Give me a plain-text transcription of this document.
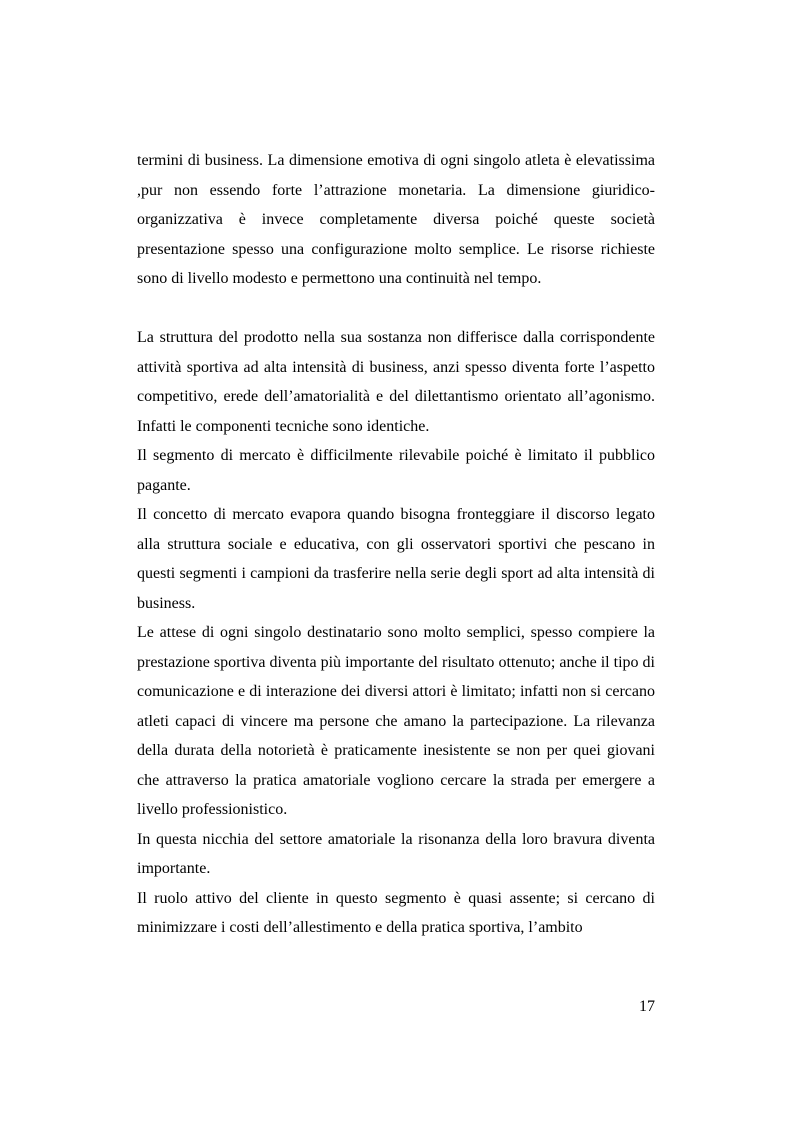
termini di business. La dimensione emotiva di ogni singolo atleta è elevatissima ,pur non essendo forte l’attrazione monetaria. La dimensione giuridico-organizzativa è invece completamente diversa poiché queste società presentazione spesso una configurazione molto semplice. Le risorse richieste sono di livello modesto e permettono una continuità nel tempo.

La struttura del prodotto nella sua sostanza non differisce dalla corrispondente attività sportiva ad alta intensità di business, anzi spesso diventa forte l’aspetto competitivo, erede dell’amatorialità e del dilettantismo orientato all’agonismo. Infatti le componenti tecniche sono identiche.

Il segmento di mercato è difficilmente rilevabile poiché è limitato il pubblico pagante.

Il concetto di mercato evapora quando bisogna fronteggiare il discorso legato alla struttura sociale e educativa, con gli osservatori sportivi che pescano in questi segmenti i campioni da trasferire nella serie degli sport ad alta intensità di business.

Le attese di ogni singolo destinatario sono molto semplici, spesso compiere la prestazione sportiva diventa più importante del risultato ottenuto; anche il tipo di comunicazione e di interazione dei diversi attori è limitato; infatti non si cercano atleti capaci di vincere ma persone che amano la partecipazione. La rilevanza della durata della notorietà è praticamente inesistente se non per quei giovani che attraverso la pratica amatoriale vogliono cercare la strada per emergere a livello professionistico.

In questa nicchia del settore amatoriale la risonanza della loro bravura diventa importante.

Il ruolo attivo del cliente in questo segmento è quasi assente; si cercano di minimizzare i costi dell’allestimento e della pratica sportiva, l’ambito

17
